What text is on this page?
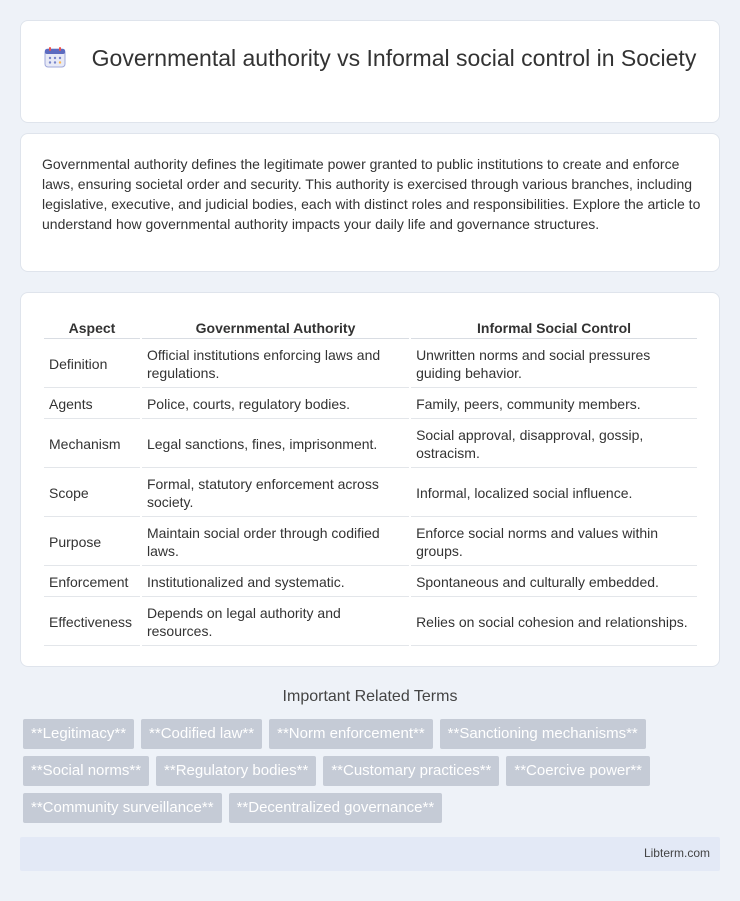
Governmental authority vs Informal social control in Society

Governmental authority defines the legitimate power granted to public institutions to create and enforce laws, ensuring societal order and security. This authority is exercised through various branches, including legislative, executive, and judicial bodies, each with distinct roles and responsibilities. Explore the article to understand how governmental authority impacts your daily life and governance structures.

Aspect	Governmental Authority	Informal Social Control
Definition	Official institutions enforcing laws and regulations.	Unwritten norms and social pressures guiding behavior.
Agents	Police, courts, regulatory bodies.	Family, peers, community members.
Mechanism	Legal sanctions, fines, imprisonment.	Social approval, disapproval, gossip, ostracism.
Scope	Formal, statutory enforcement across society.	Informal, localized social influence.
Purpose	Maintain social order through codified laws.	Enforce social norms and values within groups.
Enforcement	Institutionalized and systematic.	Spontaneous and culturally embedded.
Effectiveness	Depends on legal authority and resources.	Relies on social cohesion and relationships.
Important Related Terms
**Legitimacy**	**Codified law**	**Norm enforcement**	**Sanctioning mechanisms**
**Social norms**	**Regulatory bodies**	**Customary practices**	**Coercive power**
**Community surveillance**	**Decentralized governance**
Libterm.com
